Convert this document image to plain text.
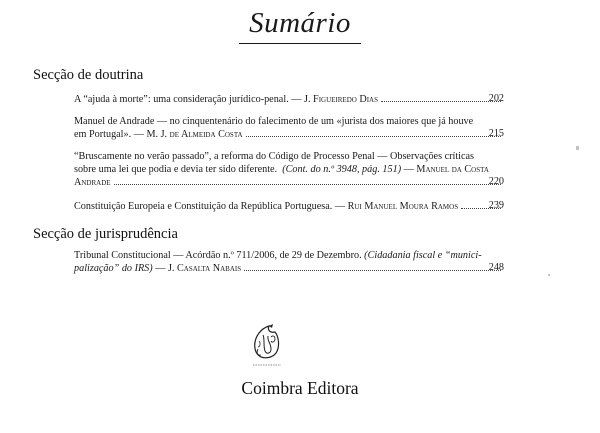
Sumário
Secção de doutrina
A “ajuda à morte”: uma consideração jurídico-penal. —
J. Figueiredo Dias	202
Manuel de Andrade — no cinquentenário do falecimento de um «jurista dos maiores que já houve
em Portugal». —
M. J. de Almeida Costa	215
“Bruscamente no verão passado”, a reforma do Código de Processo Penal — Observações críticas
sobre uma lei que podia e devia ter sido diferente. (Cont. do n.º 3948, pág. 151) — Manuel da Costa
Andrade	220
Constituição Europeia e Constituição da República Portuguesa. —
Rui Manuel Moura Ramos	239
Secção de jurisprudência
Tribunal Constitucional — Acórdão n.º 711/2006, de 29 de Dezembro. (Cidadania fiscal e “munici-
palização” do IRS)
—
J. Casalta Nabais	248
Coimbra Editora
